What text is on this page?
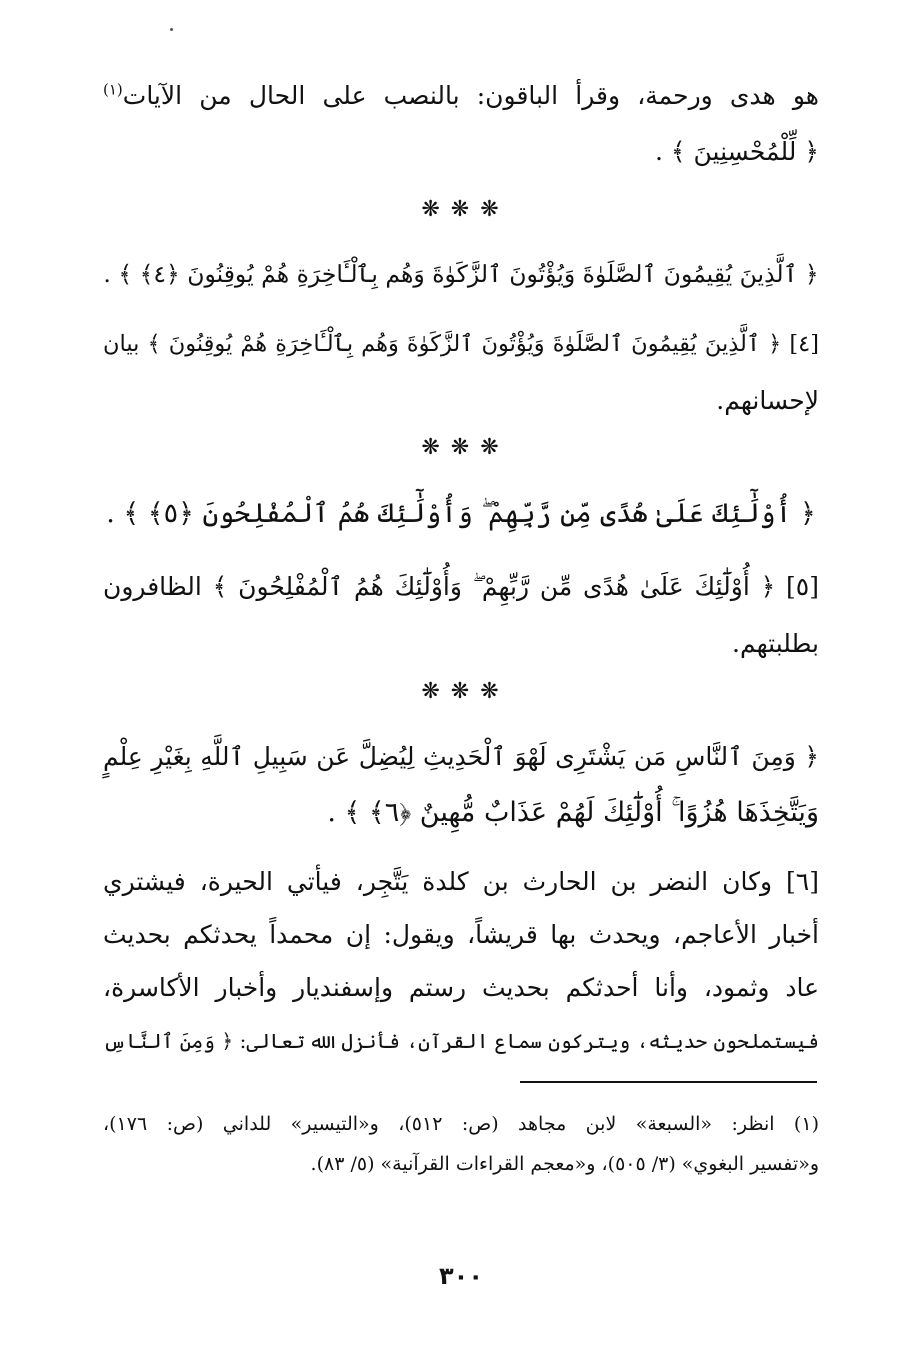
هو هدى ورحمة، وقرأ الباقون: بالنصب على الحال من الآيات$^{(١)}$
﴿ لِّلْمُحْسِنِينَ ﴾ .
❋ ❋ ❋
﴿ ٱلَّذِينَ يُقِيمُونَ ٱلصَّلَوٰةَ وَيُؤْتُونَ ٱلزَّكَوٰةَ وَهُم بِٱلْـَٔاخِرَةِ هُمْ يُوقِنُونَ ﴿٤﴾ ﴾ .
[٤] ﴿ ٱلَّذِينَ يُقِيمُونَ ٱلصَّلَوٰةَ وَيُؤْتُونَ ٱلزَّكَوٰةَ وَهُم بِٱلْـَٔاخِرَةِ هُمْ يُوقِنُونَ ﴾ بيان
لإحسانهم.
❋ ❋ ❋
﴿ أُوْلَٰٓئِكَ عَلَىٰ هُدًى مِّن رَّبِّهِمْ ۖ وَأُوْلَٰٓئِكَ هُمُ ٱلْمُفْلِحُونَ ﴿٥﴾ ﴾ .
[٥] ﴿ أُوْلَٰٓئِكَ عَلَىٰ هُدًى مِّن رَّبِّهِمْ ۖ وَأُوْلَٰٓئِكَ هُمُ ٱلْمُفْلِحُونَ ﴾ الظافرون
بطلبتهم.
❋ ❋ ❋
﴿ وَمِنَ ٱلنَّاسِ مَن يَشْتَرِى لَهْوَ ٱلْحَدِيثِ لِيُضِلَّ عَن سَبِيلِ ٱللَّهِ بِغَيْرِ عِلْمٍ
وَيَتَّخِذَهَا هُزُوًا ۚ أُوْلَٰٓئِكَ لَهُمْ عَذَابٌ مُّهِينٌ ﴿٦﴾ ﴾ .
[٦] وكان النضر بن الحارث بن كلدة يَتَّجِر، فيأتي الحيرة، فيشتري
أخبار الأعاجم، ويحدث بها قريشاً، ويقول: إن محمداً يحدثكم بحديث
عاد وثمود، وأنا أحدثكم بحديث رستم وإسفنديار وأخبار الأكاسرة،
فيستملحون حديثه، ويتركون سماع القرآن، فأنزل الله تعالى: ﴿ وَمِنَ ٱلنَّاسِ
(١) انظر: «السبعة» لابن مجاهد (ص: ٥١٢)، و«التيسير» للداني (ص: ١٧٦)،
و«تفسير البغوي» (٣/ ٥٠٥)، و«معجم القراءات القرآنية» (٥/ ٨٣).
٣٠٠
